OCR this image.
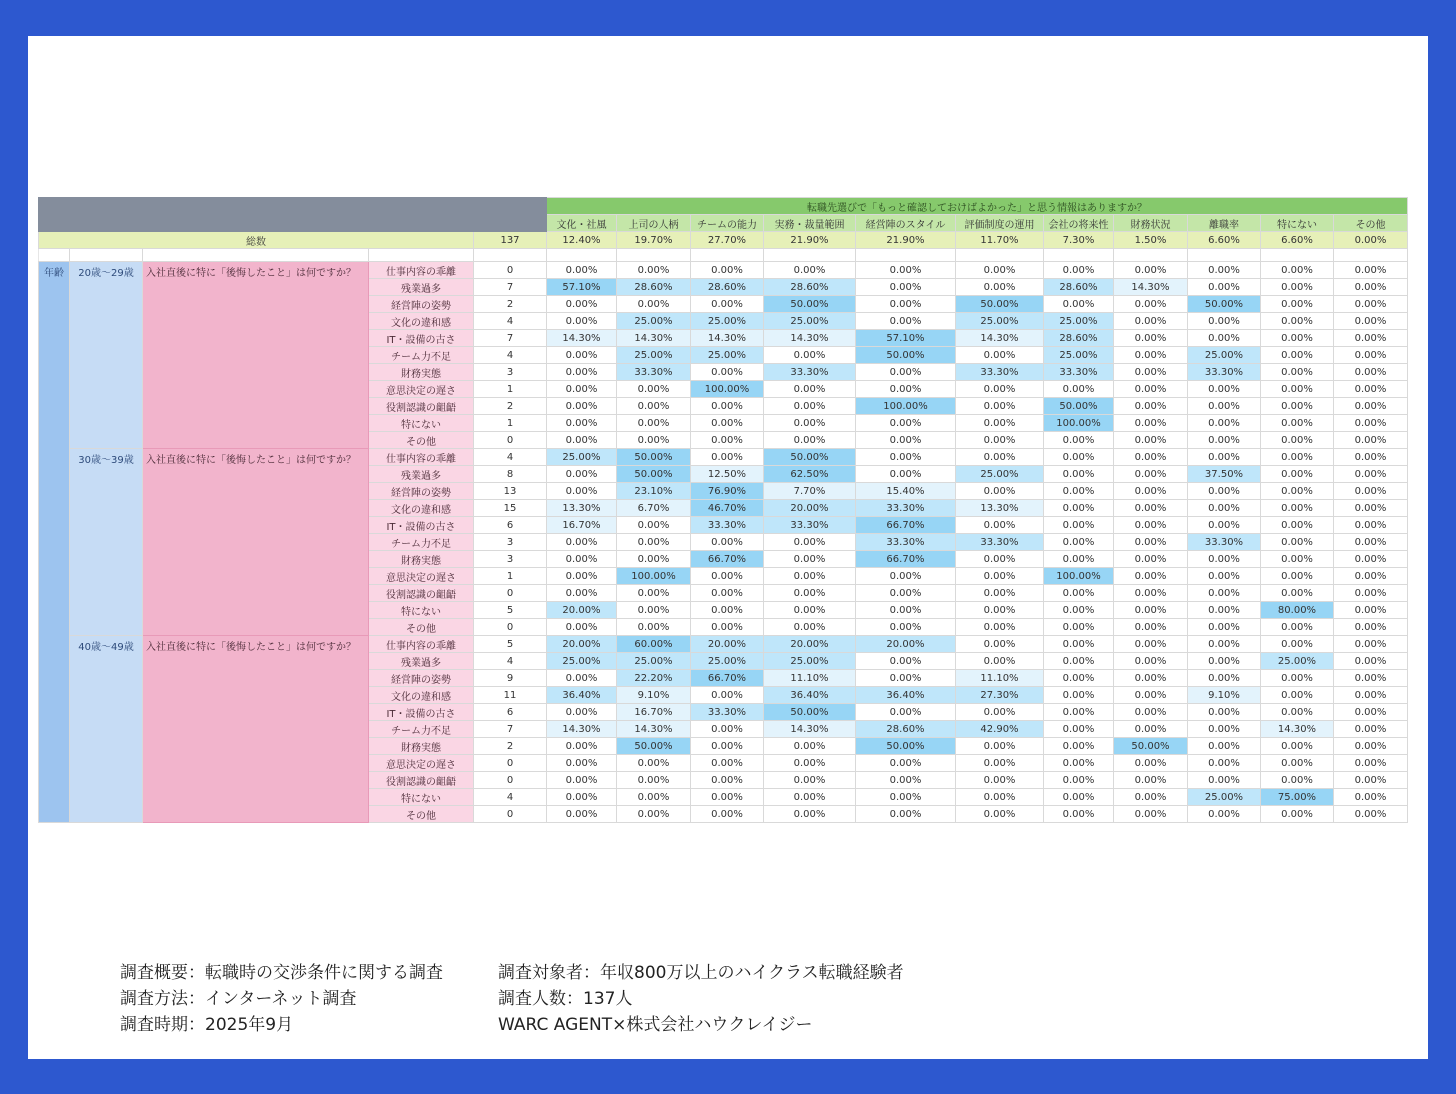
					転職先選びで「もっと確認しておけばよかった」と思う情報はありますか？										
					文化・社風	上司の人柄	チームの能力	実務・裁量範囲	経営陣のスタイル	評価制度の運用	会社の将来性	財務状況	離職率	特にない	その他
総数				137	12.40%	19.70%	27.70%	21.90%	21.90%	11.70%	7.30%	1.50%	6.60%	6.60%	0.00%

年齢	20歳〜29歳	入社直後に特に「後悔したこと」は何ですか？	仕事内容の乖離	0	0.00%	0.00%	0.00%	0.00%	0.00%	0.00%	0.00%	0.00%	0.00%	0.00%	0.00%
			残業過多	7	57.10%	28.60%	28.60%	28.60%	0.00%	0.00%	28.60%	14.30%	0.00%	0.00%	0.00%
			経営陣の姿勢	2	0.00%	0.00%	0.00%	50.00%	0.00%	50.00%	0.00%	0.00%	50.00%	0.00%	0.00%
			文化の違和感	4	0.00%	25.00%	25.00%	25.00%	0.00%	25.00%	25.00%	0.00%	0.00%	0.00%	0.00%
			IT・設備の古さ	7	14.30%	14.30%	14.30%	14.30%	57.10%	14.30%	28.60%	0.00%	0.00%	0.00%	0.00%
			チーム力不足	4	0.00%	25.00%	25.00%	0.00%	50.00%	0.00%	25.00%	0.00%	25.00%	0.00%	0.00%
			財務実態	3	0.00%	33.30%	0.00%	33.30%	0.00%	33.30%	33.30%	0.00%	33.30%	0.00%	0.00%
			意思決定の遅さ	1	0.00%	0.00%	100.00%	0.00%	0.00%	0.00%	0.00%	0.00%	0.00%	0.00%	0.00%
			役割認識の齟齬	2	0.00%	0.00%	0.00%	0.00%	100.00%	0.00%	50.00%	0.00%	0.00%	0.00%	0.00%
			特にない	1	0.00%	0.00%	0.00%	0.00%	0.00%	0.00%	100.00%	0.00%	0.00%	0.00%	0.00%
			その他	0	0.00%	0.00%	0.00%	0.00%	0.00%	0.00%	0.00%	0.00%	0.00%	0.00%	0.00%
	30歳〜39歳	入社直後に特に「後悔したこと」は何ですか？	仕事内容の乖離	4	25.00%	50.00%	0.00%	50.00%	0.00%	0.00%	0.00%	0.00%	0.00%	0.00%	0.00%
			残業過多	8	0.00%	50.00%	12.50%	62.50%	0.00%	25.00%	0.00%	0.00%	37.50%	0.00%	0.00%
			経営陣の姿勢	13	0.00%	23.10%	76.90%	7.70%	15.40%	0.00%	0.00%	0.00%	0.00%	0.00%	0.00%
			文化の違和感	15	13.30%	6.70%	46.70%	20.00%	33.30%	13.30%	0.00%	0.00%	0.00%	0.00%	0.00%
			IT・設備の古さ	6	16.70%	0.00%	33.30%	33.30%	66.70%	0.00%	0.00%	0.00%	0.00%	0.00%	0.00%
			チーム力不足	3	0.00%	0.00%	0.00%	0.00%	33.30%	33.30%	0.00%	0.00%	33.30%	0.00%	0.00%
			財務実態	3	0.00%	0.00%	66.70%	0.00%	66.70%	0.00%	0.00%	0.00%	0.00%	0.00%	0.00%
			意思決定の遅さ	1	0.00%	100.00%	0.00%	0.00%	0.00%	0.00%	100.00%	0.00%	0.00%	0.00%	0.00%
			役割認識の齟齬	0	0.00%	0.00%	0.00%	0.00%	0.00%	0.00%	0.00%	0.00%	0.00%	0.00%	0.00%
			特にない	5	20.00%	0.00%	0.00%	0.00%	0.00%	0.00%	0.00%	0.00%	0.00%	80.00%	0.00%
			その他	0	0.00%	0.00%	0.00%	0.00%	0.00%	0.00%	0.00%	0.00%	0.00%	0.00%	0.00%
	40歳〜49歳	入社直後に特に「後悔したこと」は何ですか？	仕事内容の乖離	5	20.00%	60.00%	20.00%	20.00%	20.00%	0.00%	0.00%	0.00%	0.00%	0.00%	0.00%
			残業過多	4	25.00%	25.00%	25.00%	25.00%	0.00%	0.00%	0.00%	0.00%	0.00%	25.00%	0.00%
			経営陣の姿勢	9	0.00%	22.20%	66.70%	11.10%	0.00%	11.10%	0.00%	0.00%	0.00%	0.00%	0.00%
			文化の違和感	11	36.40%	9.10%	0.00%	36.40%	36.40%	27.30%	0.00%	0.00%	9.10%	0.00%	0.00%
			IT・設備の古さ	6	0.00%	16.70%	33.30%	50.00%	0.00%	0.00%	0.00%	0.00%	0.00%	0.00%	0.00%
			チーム力不足	7	14.30%	14.30%	0.00%	14.30%	28.60%	42.90%	0.00%	0.00%	0.00%	14.30%	0.00%
			財務実態	2	0.00%	50.00%	0.00%	0.00%	50.00%	0.00%	0.00%	50.00%	0.00%	0.00%	0.00%
			意思決定の遅さ	0	0.00%	0.00%	0.00%	0.00%	0.00%	0.00%	0.00%	0.00%	0.00%	0.00%	0.00%
			役割認識の齟齬	0	0.00%	0.00%	0.00%	0.00%	0.00%	0.00%	0.00%	0.00%	0.00%	0.00%	0.00%
			特にない	4	0.00%	0.00%	0.00%	0.00%	0.00%	0.00%	0.00%	0.00%	25.00%	75.00%	0.00%
			その他	0	0.00%	0.00%	0.00%	0.00%	0.00%	0.00%	0.00%	0.00%	0.00%	0.00%	0.00%
調査概要：転職時の交渉条件に関する調査
調査方法：インターネット調査
調査時期：2025年9月
調査対象者：年収800万以上のハイクラス転職経験者
調査人数：137人
WARC AGENT×株式会社ハウクレイジー
